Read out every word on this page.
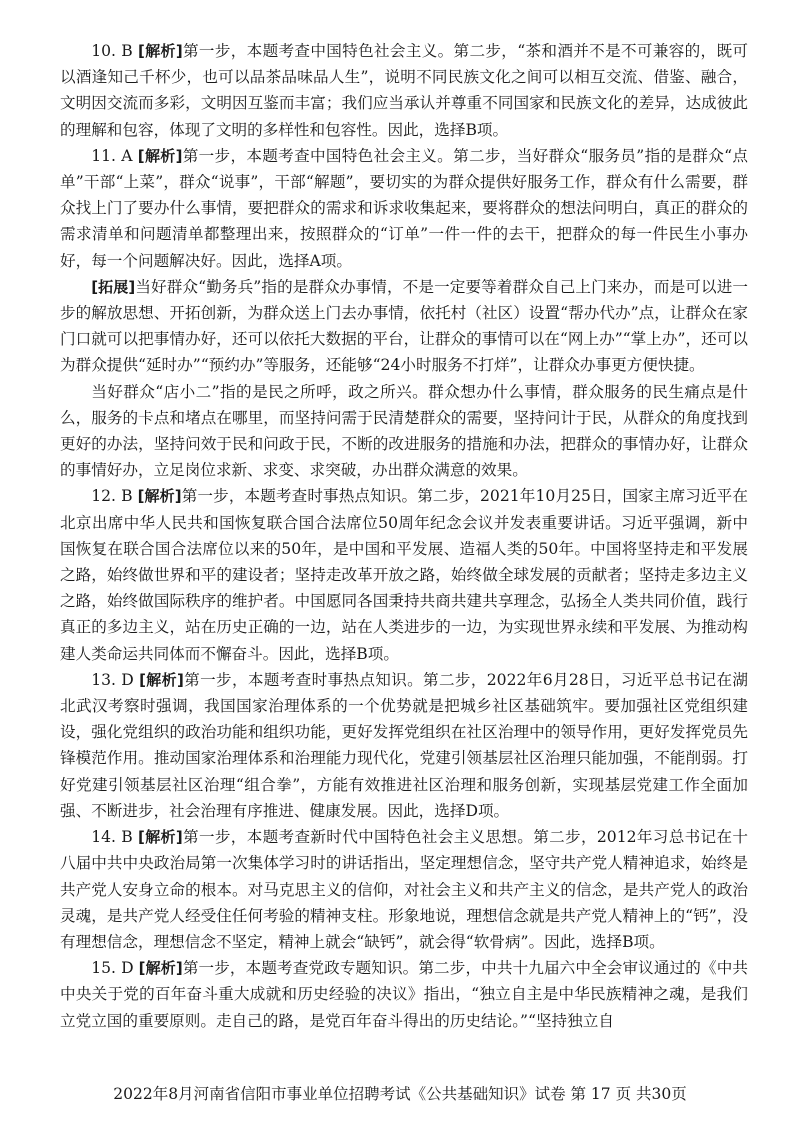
10. B [解析]第一步，本题考查中国特色社会主义。第二步，“茶和酒并不是不可兼容的，既可以酒逢知己千杯少，也可以品茶品味品人生”，说明不同民族文化之间可以相互交流、借鉴、融合，文明因交流而多彩，文明因互鉴而丰富；我们应当承认并尊重不同国家和民族文化的差异，达成彼此的理解和包容，体现了文明的多样性和包容性。因此，选择B项。

11. A [解析]第一步，本题考查中国特色社会主义。第二步，当好群众“服务员”指的是群众“点单”干部“上菜”，群众“说事”，干部“解题”，要切实的为群众提供好服务工作，群众有什么需要，群众找上门了要办什么事情，要把群众的需求和诉求收集起来，要将群众的想法问明白，真正的群众的需求清单和问题清单都整理出来，按照群众的“订单”一件一件的去干，把群众的每一件民生小事办好，每一个问题解决好。因此，选择A项。

[拓展]当好群众“勤务兵”指的是群众办事情，不是一定要等着群众自己上门来办，而是可以进一步的解放思想、开拓创新，为群众送上门去办事情，依托村（社区）设置“帮办代办”点，让群众在家门口就可以把事情办好，还可以依托大数据的平台，让群众的事情可以在“网上办”“掌上办”，还可以为群众提供“延时办”“预约办”等服务，还能够“24小时服务不打烊”，让群众办事更方便快捷。

当好群众“店小二”指的是民之所呼，政之所兴。群众想办什么事情，群众服务的民生痛点是什么，服务的卡点和堵点在哪里，而坚持问需于民清楚群众的需要，坚持问计于民，从群众的角度找到更好的办法，坚持问效于民和问政于民，不断的改进服务的措施和办法，把群众的事情办好，让群众的事情好办，立足岗位求新、求变、求突破，办出群众满意的效果。

12. B [解析]第一步，本题考查时事热点知识。第二步，2021年10月25日，国家主席习近平在北京出席中华人民共和国恢复联合国合法席位50周年纪念会议并发表重要讲话。习近平强调，新中国恢复在联合国合法席位以来的50年，是中国和平发展、造福人类的50年。中国将坚持走和平发展之路，始终做世界和平的建设者；坚持走改革开放之路，始终做全球发展的贡献者；坚持走多边主义之路，始终做国际秩序的维护者。中国愿同各国秉持共商共建共享理念，弘扬全人类共同价值，践行真正的多边主义，站在历史正确的一边，站在人类进步的一边，为实现世界永续和平发展、为推动构建人类命运共同体而不懈奋斗。因此，选择B项。

13. D [解析]第一步，本题考查时事热点知识。第二步，2022年6月28日，习近平总书记在湖北武汉考察时强调，我国国家治理体系的一个优势就是把城乡社区基础筑牢。要加强社区党组织建设，强化党组织的政治功能和组织功能，更好发挥党组织在社区治理中的领导作用，更好发挥党员先锋模范作用。推动国家治理体系和治理能力现代化，党建引领基层社区治理只能加强，不能削弱。打好党建引领基层社区治理“组合拳”，方能有效推进社区治理和服务创新，实现基层党建工作全面加强、不断进步，社会治理有序推进、健康发展。因此，选择D项。

14. B [解析]第一步，本题考查新时代中国特色社会主义思想。第二步，2012年习总书记在十八届中共中央政治局第一次集体学习时的讲话指出，坚定理想信念，坚守共产党人精神追求，始终是共产党人安身立命的根本。对马克思主义的信仰，对社会主义和共产主义的信念，是共产党人的政治灵魂，是共产党人经受住任何考验的精神支柱。形象地说，理想信念就是共产党人精神上的“钙”，没有理想信念，理想信念不坚定，精神上就会“缺钙”，就会得“软骨病”。因此，选择B项。

15. D [解析]第一步，本题考查党政专题知识。第二步，中共十九届六中全会审议通过的《中共中央关于党的百年奋斗重大成就和历史经验的决议》指出，“独立自主是中华民族精神之魂，是我们立党立国的重要原则。走自己的路，是党百年奋斗得出的历史结论。”“坚持独立自

2022年8月河南省信阳市事业单位招聘考试《公共基础知识》试卷 第 17 页 共30页
